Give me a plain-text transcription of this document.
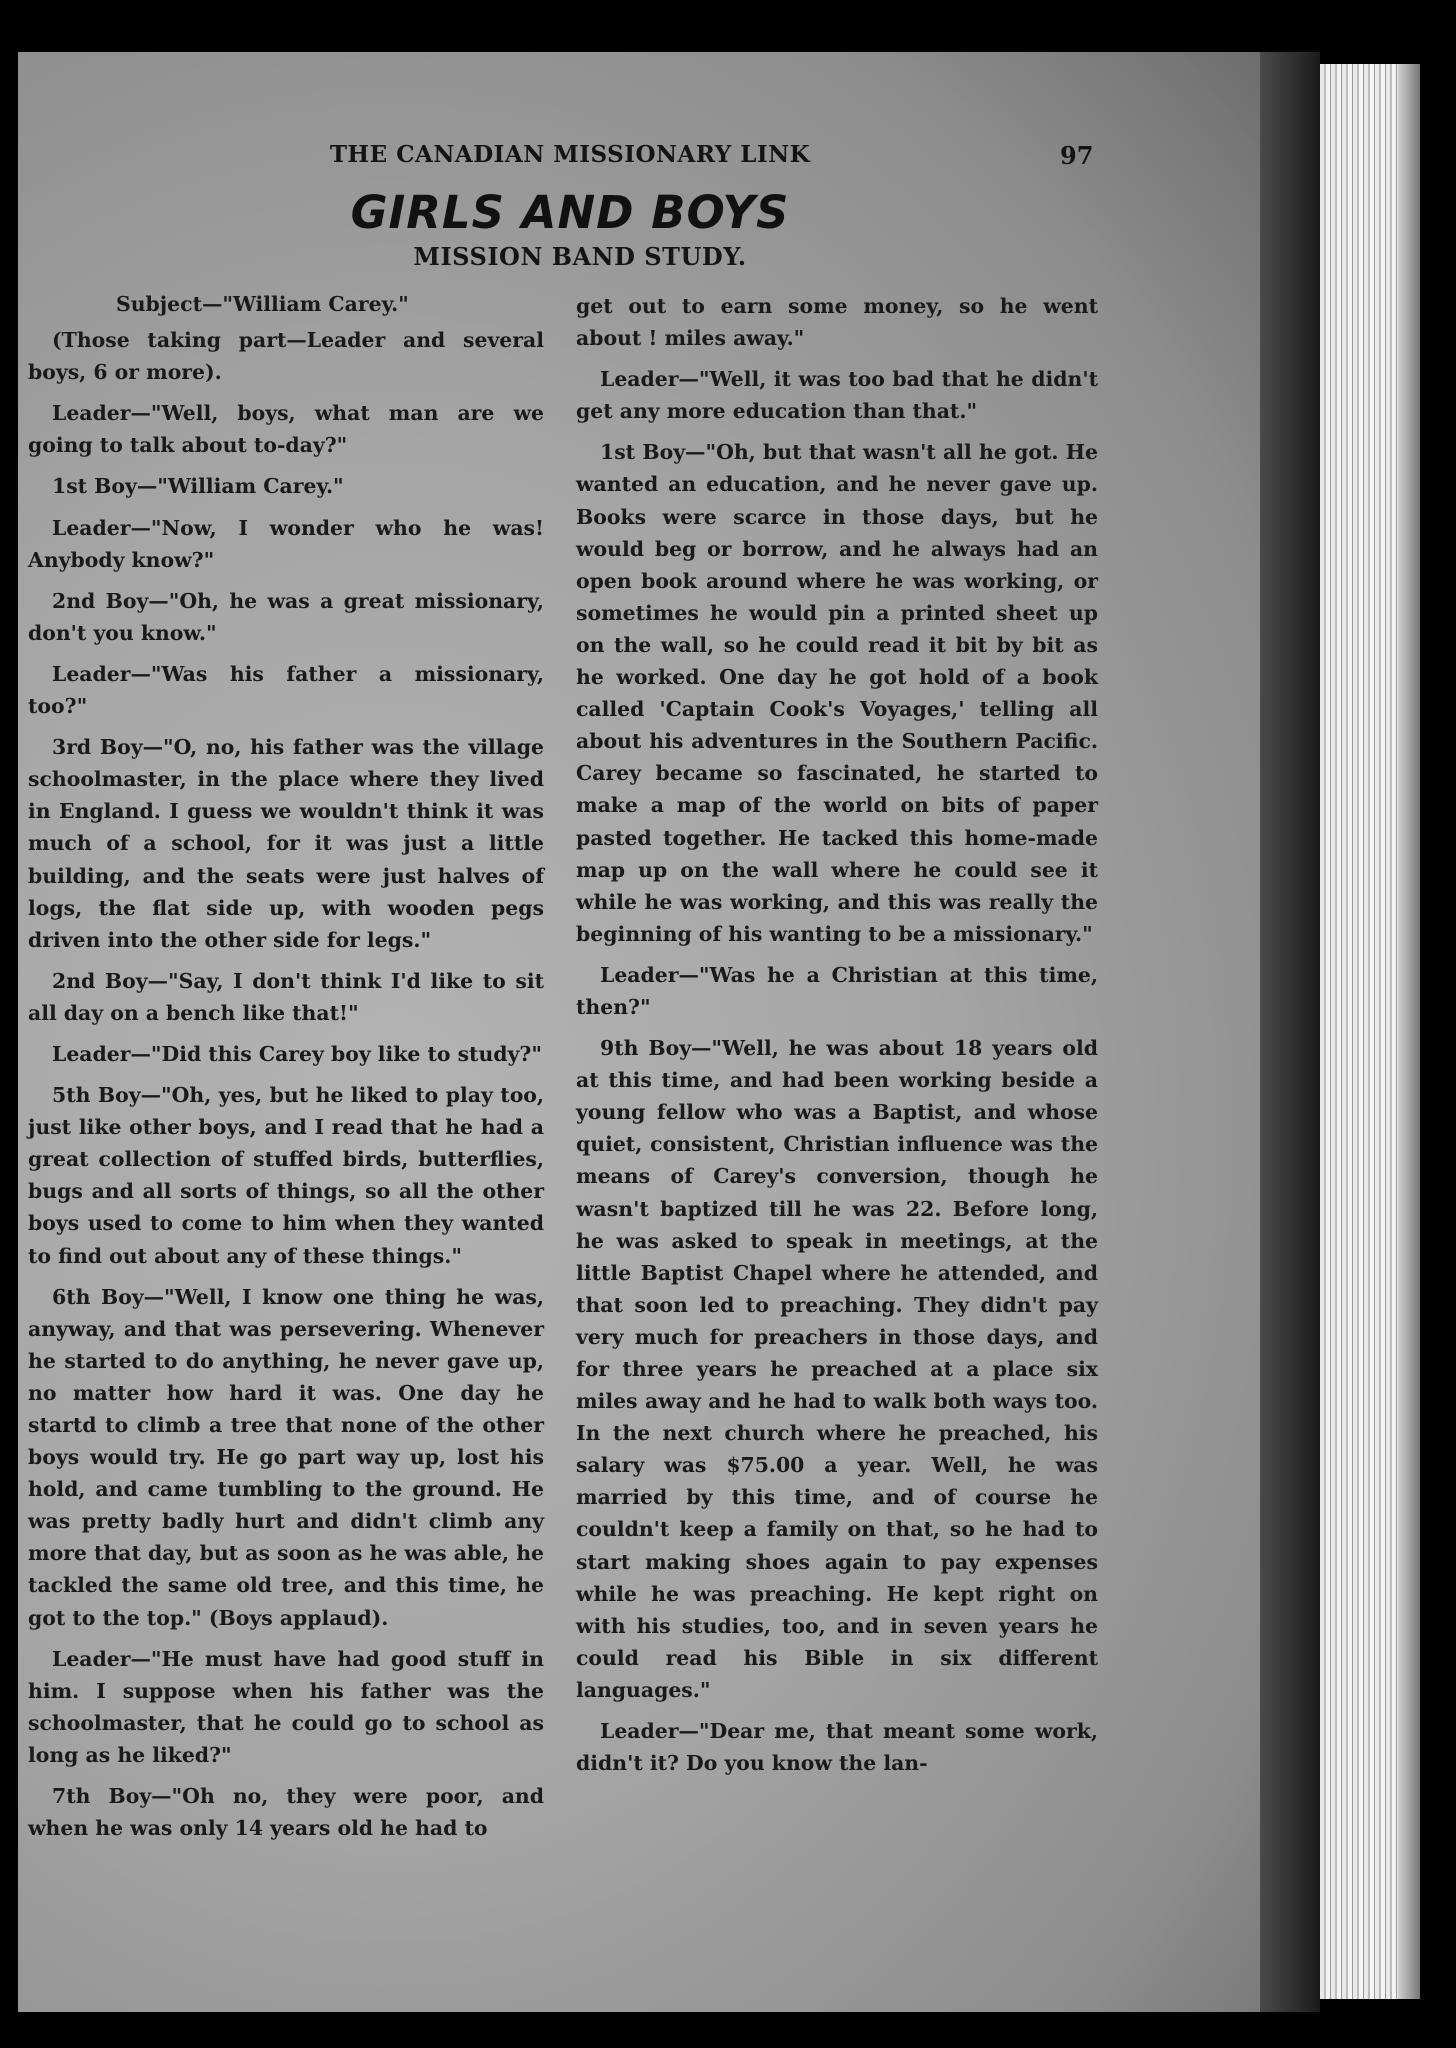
THE CANADIAN MISSIONARY LINK	97
GIRLS AND BOYS
MISSION BAND STUDY.

Subject—"William Carey."

(Those taking part—Leader and several boys, 6 or more).

Leader—"Well, boys, what man are we going to talk about to-day?"

1st Boy—"William Carey."

Leader—"Now, I wonder who he was! Anybody know?"

2nd Boy—"Oh, he was a great missionary, don't you know."

Leader—"Was his father a missionary, too?"

3rd Boy—"O, no, his father was the village schoolmaster, in the place where they lived in England. I guess we wouldn't think it was much of a school, for it was just a little building, and the seats were just halves of logs, the flat side up, with wooden pegs driven into the other side for legs."

2nd Boy—"Say, I don't think I'd like to sit all day on a bench like that!"

Leader—"Did this Carey boy like to study?"

5th Boy—"Oh, yes, but he liked to play too, just like other boys, and I read that he had a great collection of stuffed birds, butterflies, bugs and all sorts of things, so all the other boys used to come to him when they wanted to find out about any of these things."

6th Boy—"Well, I know one thing he was, anyway, and that was persevering. Whenever he started to do anything, he never gave up, no matter how hard it was. One day he startd to climb a tree that none of the other boys would try. He go part way up, lost his hold, and came tumbling to the ground. He was pretty badly hurt and didn't climb any more that day, but as soon as he was able, he tackled the same old tree, and this time, he got to the top." (Boys applaud).

Leader—"He must have had good stuff in him. I suppose when his father was the schoolmaster, that he could go to school as long as he liked?"

7th Boy—"Oh no, they were poor, and when he was only 14 years old he had to

get out to earn some money, so he went about ! miles away."

Leader—"Well, it was too bad that he didn't get any more education than that."

1st Boy—"Oh, but that wasn't all he got. He wanted an education, and he never gave up. Books were scarce in those days, but he would beg or borrow, and he always had an open book around where he was working, or sometimes he would pin a printed sheet up on the wall, so he could read it bit by bit as he worked. One day he got hold of a book called 'Captain Cook's Voyages,' telling all about his adventures in the Southern Pacific. Carey became so fascinated, he started to make a map of the world on bits of paper pasted together. He tacked this home-made map up on the wall where he could see it while he was working, and this was really the beginning of his wanting to be a missionary."

Leader—"Was he a Christian at this time, then?"

9th Boy—"Well, he was about 18 years old at this time, and had been working beside a young fellow who was a Baptist, and whose quiet, consistent, Christian influence was the means of Carey's conversion, though he wasn't baptized till he was 22. Before long, he was asked to speak in meetings, at the little Baptist Chapel where he attended, and that soon led to preaching. They didn't pay very much for preachers in those days, and for three years he preached at a place six miles away and he had to walk both ways too. In the next church where he preached, his salary was $75.00 a year. Well, he was married by this time, and of course he couldn't keep a family on that, so he had to start making shoes again to pay expenses while he was preaching. He kept right on with his studies, too, and in seven years he could read his Bible in six different languages."

Leader—"Dear me, that meant some work, didn't it? Do you know the lan-
